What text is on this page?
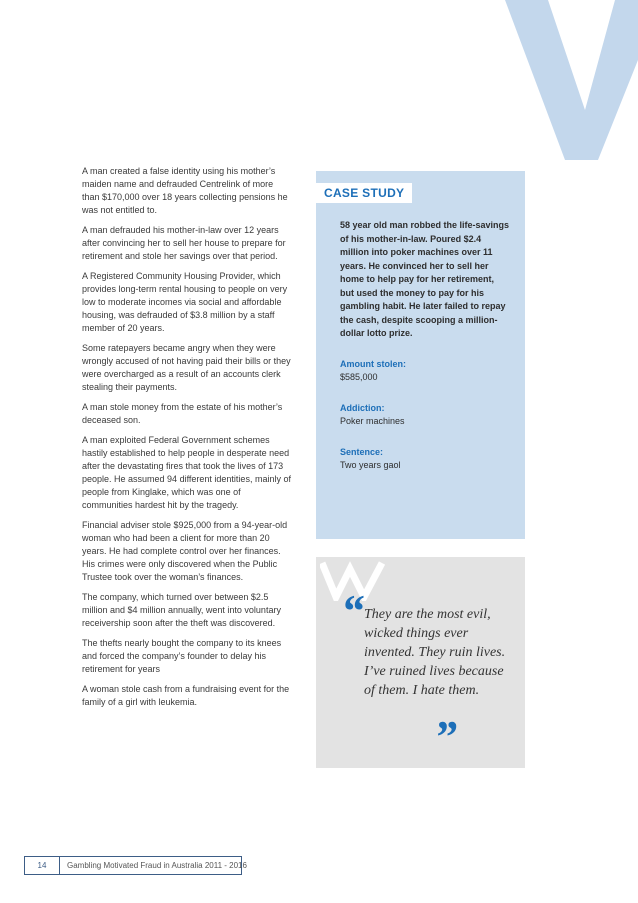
A man created a false identity using his mother’s maiden name and defrauded Centrelink of more than $170,000 over 18 years collecting pensions he was not entitled to.

A man defrauded his mother-in-law over 12 years after convincing her to sell her house to prepare for retirement and stole her savings over that period.

A Registered Community Housing Provider, which provides long-term rental housing to people on very low to moderate incomes via social and affordable housing, was defrauded of $3.8 million by a staff member of 20 years.

Some ratepayers became angry when they were wrongly accused of not having paid their bills or they were overcharged as a result of an accounts clerk stealing their payments.

A man stole money from the estate of his mother’s deceased son.

A man exploited Federal Government schemes hastily established to help people in desperate need after the devastating fires that took the lives of 173 people. He assumed 94 different identities, mainly of people from Kinglake, which was one of communities hardest hit by the tragedy.

Financial adviser stole $925,000 from a 94-year-old woman who had been a client for more than 20 years. He had complete control over her finances. His crimes were only discovered when the Public Trustee took over the woman’s finances.

The company, which turned over between $2.5 million and $4 million annually, went into voluntary receivership soon after the theft was discovered.

The thefts nearly bought the company to its knees and forced the company’s founder to delay his retirement for years

A woman stole cash from a fundraising event for the family of a girl with leukemia.

CASE STUDY

58 year old man robbed the life-savings of his mother-in-law. Poured $2.4 million into poker machines over 11 years. He convinced her to sell her home to help pay for her retirement, but used the money to pay for his gambling habit. He later failed to repay the cash, despite scooping a million-dollar lotto prize.

Amount stolen:

$585,000

Addiction:

Poker machines

Sentence:

Two years gaol

“ They are the most evil, wicked things ever invented. They ruin lives. I’ve ruined lives because of them. I hate them.
”
14	Gambling Motivated Fraud in Australia 2011 - 2016
